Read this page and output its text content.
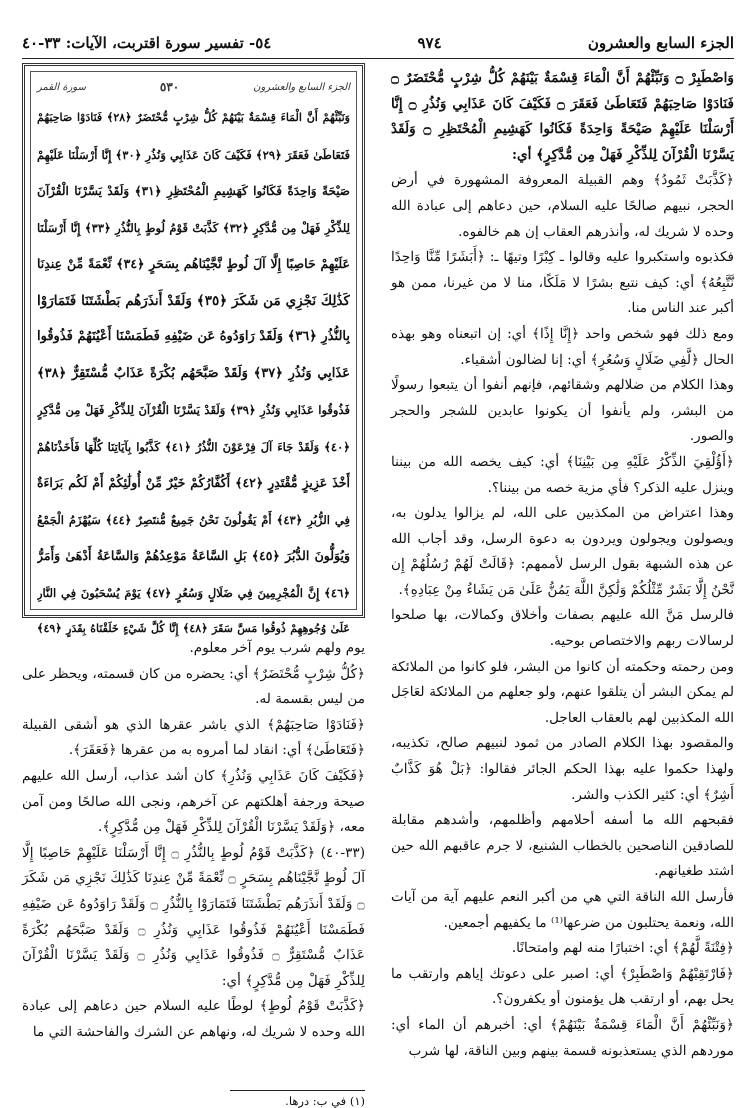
الجزء السابع والعشرون
٩٧٤
٥٤- تفسير سورة اقتربت، الآيات: ٣٣-٤٠
الجزء السابع والعشرون
٥٣٠
سورة القمر
وَنَبِّئْهُمْ أَنَّ الْمَاءَ قِسْمَةٌ بَيْنَهُمْ كُلُّ شِرْبٍ مُّحْتَضَرٌ ﴿٢٨﴾ فَنَادَوْا صَاحِبَهُمْ
فَتَعَاطَىٰ فَعَقَرَ ﴿٢٩﴾ فَكَيْفَ كَانَ عَذَابِي وَنُذُرِ ﴿٣٠﴾ إِنَّا أَرْسَلْنَا عَلَيْهِمْ
صَيْحَةً وَاحِدَةً فَكَانُوا كَهَشِيمِ الْمُحْتَظِرِ ﴿٣١﴾ وَلَقَدْ يَسَّرْنَا الْقُرْآنَ
لِلذِّكْرِ فَهَلْ مِن مُّدَّكِرٍ ﴿٣٢﴾ كَذَّبَتْ قَوْمُ لُوطٍ بِالنُّذُرِ ﴿٣٣﴾ إِنَّا أَرْسَلْنَا
عَلَيْهِمْ حَاصِبًا إِلَّا آلَ لُوطٍ نَّجَّيْنَاهُم بِسَحَرٍ ﴿٣٤﴾ نِّعْمَةً مِّنْ عِندِنَا
كَذَٰلِكَ نَجْزِي مَن شَكَرَ ﴿٣٥﴾ وَلَقَدْ أَنذَرَهُم بَطْشَتَنَا فَتَمَارَوْا
بِالنُّذُرِ ﴿٣٦﴾ وَلَقَدْ رَاوَدُوهُ عَن ضَيْفِهِ فَطَمَسْنَا أَعْيُنَهُمْ فَذُوقُوا
عَذَابِي وَنُذُرِ ﴿٣٧﴾ وَلَقَدْ صَبَّحَهُم بُكْرَةً عَذَابٌ مُّسْتَقِرٌّ ﴿٣٨﴾
فَذُوقُوا عَذَابِي وَنُذُرِ ﴿٣٩﴾ وَلَقَدْ يَسَّرْنَا الْقُرْآنَ لِلذِّكْرِ فَهَلْ مِن مُّدَّكِرٍ
﴿٤٠﴾ وَلَقَدْ جَاءَ آلَ فِرْعَوْنَ النُّذُرُ ﴿٤١﴾ كَذَّبُوا بِآيَاتِنَا كُلِّهَا فَأَخَذْنَاهُمْ
أَخْذَ عَزِيزٍ مُّقْتَدِرٍ ﴿٤٢﴾ أَكُفَّارُكُمْ خَيْرٌ مِّنْ أُولَٰئِكُمْ أَمْ لَكُم بَرَاءَةٌ
فِي الزُّبُرِ ﴿٤٣﴾ أَمْ يَقُولُونَ نَحْنُ جَمِيعٌ مُّنتَصِرٌ ﴿٤٤﴾ سَيُهْزَمُ الْجَمْعُ
وَيُوَلُّونَ الدُّبُرَ ﴿٤٥﴾ بَلِ السَّاعَةُ مَوْعِدُهُمْ وَالسَّاعَةُ أَدْهَىٰ وَأَمَرُّ
﴿٤٦﴾ إِنَّ الْمُجْرِمِينَ فِي ضَلَالٍ وَسُعُرٍ ﴿٤٧﴾ يَوْمَ يُسْحَبُونَ فِي النَّارِ
عَلَىٰ وُجُوهِهِمْ ذُوقُوا مَسَّ سَقَرَ ﴿٤٨﴾ إِنَّا كُلَّ شَيْءٍ خَلَقْنَاهُ بِقَدَرٍ ﴿٤٩﴾

وَاصْطَبِرْ ۝ وَنَبِّئْهُمْ أَنَّ الْمَاءَ قِسْمَةٌ بَيْنَهُمْ كُلُّ شِرْبٍ مُّحْتَضَرٌ ۝ فَنَادَوْا صَاحِبَهُمْ فَتَعَاطَىٰ فَعَقَرَ ۝ فَكَيْفَ كَانَ عَذَابِي وَنُذُرِ ۝ إِنَّا أَرْسَلْنَا عَلَيْهِمْ صَيْحَةً وَاحِدَةً فَكَانُوا كَهَشِيمِ الْمُحْتَظِرِ ۝ وَلَقَدْ يَسَّرْنَا الْقُرْآنَ لِلذِّكْرِ فَهَلْ مِن مُّدَّكِرٍ﴾ أي:

﴿كَذَّبَتْ ثَمُودُ﴾ وهم القبيلة المعروفة المشهورة في أرض الحجر، نبيهم صالحًا عليه السلام، حين دعاهم إلى عبادة الله وحده لا شريك له، وأنذرهم العقاب إن هم خالفوه.

فكذبوه واستكبروا عليه وقالوا ـ كِبْرًا وتيهًا ـ: ﴿أَبَشَرًا مِّنَّا وَاحِدًا نَّتَّبِعُهُ﴾ أي: كيف نتبع بشرًا لا مَلَكًا، منا لا من غيرنا، ممن هو أكبر عند الناس منا.

ومع ذلك فهو شخص واحد ﴿إِنَّا إِذًا﴾ أي: إن اتبعناه وهو بهذه الحال ﴿لَّفِي ضَلَالٍ وَسُعُرٍ﴾ أي: إنا لضالون أشقياء.

وهذا الكلام من ضلالهم وشقائهم، فإنهم أنفوا أن يتبعوا رسولًا من البشر، ولم يأنفوا أن يكونوا عابدين للشجر والحجر والصور.

﴿أَؤُلْقِيَ الذِّكْرُ عَلَيْهِ مِن بَيْنِنَا﴾ أي: كيف يخصه الله من بيننا وينزل عليه الذكر؟ فأي مزية خصه من بيننا؟.

وهذا اعتراض من المكذبين على الله، لم يزالوا يدلون به، ويصولون ويجولون ويردون به دعوة الرسل، وقد أجاب الله عن هذه الشبهة بقول الرسل لأممهم: ﴿قَالَتْ لَهُمْ رُسُلُهُمْ إِن نَّحْنُ إِلَّا بَشَرٌ مِّثْلُكُمْ وَلَٰكِنَّ اللَّهَ يَمُنُّ عَلَىٰ مَن يَشَاءُ مِنْ عِبَادِهِ﴾.

فالرسل مَنَّ الله عليهم بصفات وأخلاق وكمالات، بها صلحوا لرسالات ربهم والاختصاص بوحيه.

ومن رحمته وحكمته أن كانوا من البشر، فلو كانوا من الملائكة لم يمكن البشر أن يتلقوا عنهم، ولو جعلهم من الملائكة لعَاجَل الله المكذبين لهم بالعقاب العاجل.

والمقصود بهذا الكلام الصادر من ثمود لنبيهم صالح، تكذيبه، ولهذا حكموا عليه بهذا الحكم الجائر فقالوا: ﴿بَلْ هُوَ كَذَّابٌ أَشِرٌ﴾ أي: كثير الكذب والشر.

فقبحهم الله ما أسفه أحلامهم وأظلمهم، وأشدهم مقابلة للصادقين الناصحين بالخطاب الشنيع، لا جرم عاقبهم الله حين اشتد طغيانهم.

فأرسل الله الناقة التي هي من أكبر النعم عليهم آية من آيات الله، ونعمة يحتلبون من ضرعها⁽¹⁾ ما يكفيهم أجمعين.

﴿فِتْنَةً لَّهُمْ﴾ أي: اختبارًا منه لهم وامتحانًا.

﴿فَارْتَقِبْهُمْ وَاصْطَبِرْ﴾ أي: اصبر على دعوتك إياهم وارتقب ما يحل بهم، أو ارتقب هل يؤمنون أو يكفرون؟.

﴿وَنَبِّئْهُمْ أَنَّ الْمَاءَ قِسْمَةٌ بَيْنَهُمْ﴾ أي: أخبرهم أن الماء أي: موردهم الذي يستعذبونه قسمة بينهم وبين الناقة، لها شرب

يوم ولهم شرب يوم آخر معلوم.

﴿كُلُّ شِرْبٍ مُّحْتَضَرٌ﴾ أي: يحضره من كان قسمته، ويحظر على من ليس بقسمة له.

﴿فَنَادَوْا صَاحِبَهُمْ﴾ الذي باشر عقرها الذي هو أشقى القبيلة ﴿فَتَعَاطَىٰ﴾ أي: انقاد لما أمروه به من عقرها ﴿فَعَقَرَ﴾.

﴿فَكَيْفَ كَانَ عَذَابِي وَنُذُرِ﴾ كان أشد عذاب، أرسل الله عليهم صيحة ورجفة أهلكتهم عن آخرهم، ونجى الله صالحًا ومن آمن معه، ﴿وَلَقَدْ يَسَّرْنَا الْقُرْآنَ لِلذِّكْرِ فَهَلْ مِن مُّدَّكِرٍ﴾.

(٣٣-٤٠) ﴿كَذَّبَتْ قَوْمُ لُوطٍ بِالنُّذُرِ ۝ إِنَّا أَرْسَلْنَا عَلَيْهِمْ حَاصِبًا إِلَّا آلَ لُوطٍ نَّجَّيْنَاهُم بِسَحَرٍ ۝ نِّعْمَةً مِّنْ عِندِنَا كَذَٰلِكَ نَجْزِي مَن شَكَرَ ۝ وَلَقَدْ أَنذَرَهُم بَطْشَتَنَا فَتَمَارَوْا بِالنُّذُرِ ۝ وَلَقَدْ رَاوَدُوهُ عَن ضَيْفِهِ فَطَمَسْنَا أَعْيُنَهُمْ فَذُوقُوا عَذَابِي وَنُذُرِ ۝ وَلَقَدْ صَبَّحَهُم بُكْرَةً عَذَابٌ مُّسْتَقِرٌّ ۝ فَذُوقُوا عَذَابِي وَنُذُرِ ۝ وَلَقَدْ يَسَّرْنَا الْقُرْآنَ لِلذِّكْرِ فَهَلْ مِن مُّدَّكِرٍ﴾ أي:

﴿كَذَّبَتْ قَوْمُ لُوطٍ﴾ لوطًا عليه السلام حين دعاهم إلى عبادة الله وحده لا شريك له، ونهاهم عن الشرك والفاحشة التي ما

(١) في ب: درها.
